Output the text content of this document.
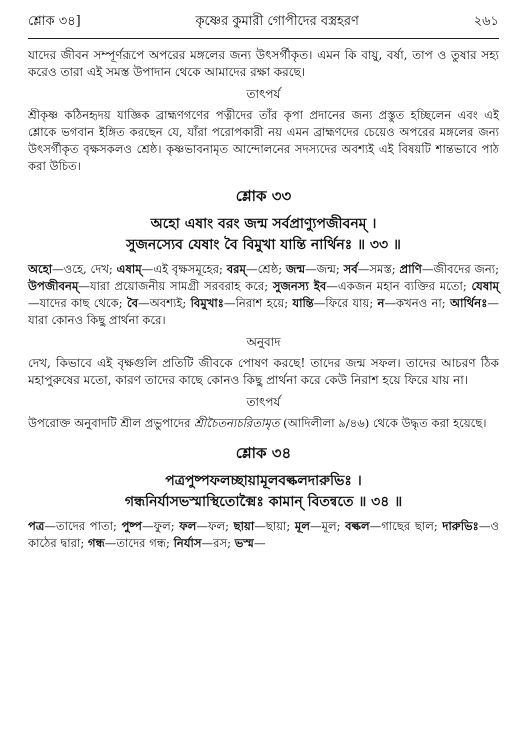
শ্লোক ৩৪]	কৃষ্ণের কুমারী গোপীদের বস্ত্রহরণ	২৬১

যাদের জীবন সম্পূর্ণরূপে অপরের মঙ্গলের জন্য উৎসর্গীকৃত। এমন কি বায়ু, বর্ষা, তাপ ও তুষার সহ্য করেও তারা এই সমস্ত উপাদান থেকে আমাদের রক্ষা করছে।

তাৎপর্য

শ্রীকৃষ্ণ কঠিনহৃদয় যাজ্ঞিক ব্রাহ্মণগণের পত্নীদের তাঁর কৃপা প্রদানের জন্য প্রস্তুত হচ্ছিলেন এবং এই শ্লোকে ভগবান ইঙ্গিত করছেন যে, যাঁরা পরোপকারী নয় এমন ব্রাহ্মণদের চেয়েও অপরের মঙ্গলের জন্য উৎসর্গীকৃত বৃক্ষসকলও শ্রেষ্ঠ। কৃষ্ণভাবনামৃত আন্দোলনের সদস্যদের অবশ্যই এই বিষয়টি শান্তভাবে পাঠ করা উচিত।

শ্লোক ৩৩

অহো এষাং বরং জন্ম সর্বপ্রাণ্যুপজীবনম্ ।

সুজনস্যেব যেষাং বৈ বিমুখা যান্তি নার্থিনঃ ॥ ৩৩ ॥

অহো—ওহে, দেখ; এষাম্—এই বৃক্ষসমূহের; বরম্—শ্রেষ্ঠ; জন্ম—জন্ম; সর্ব—সমস্ত; প্রাণি—জীবদের জন্য; উপজীবনম্—যারা প্রয়োজনীয় সামগ্রী সরবরাহ করে; সুজনস্য ইব—একজন মহান ব্যক্তির মতো; যেষাম্—যাদের কাছ থেকে; বৈ—অবশ্যই; বিমুখাঃ—নিরাশ হয়ে; যান্তি—ফিরে যায়; ন—কখনও না; আর্থিনঃ—যারা কোনও কিছু প্রার্থনা করে।

অনুবাদ

দেখ, কিভাবে এই বৃক্ষগুলি প্রতিটি জীবকে পোষণ করছে! তাদের জন্ম সফল। তাদের আচরণ ঠিক মহাপুরুষের মতো, কারণ তাদের কাছে কোনও কিছু প্রার্থনা করে কেউ নিরাশ হয়ে ফিরে যায় না।

তাৎপর্য

উপরোক্ত অনুবাদটি শ্রীল প্রভুপাদের শ্রীচৈতন্যচরিতামৃত (আদিলীলা ৯/৪৬) থেকে উদ্ধৃত করা হয়েছে।

শ্লোক ৩৪

পত্রপুষ্পফলচ্ছায়ামূলবল্কলদারুভিঃ ।

গন্ধনির্যাসভস্মাস্থিতোক্মৈঃ কামান্ বিতন্বতে ॥ ৩৪ ॥

পত্র—তাদের পাতা; পুষ্প—ফুল; ফল—ফল; ছায়া—ছায়া; মূল—মূল; বল্কল—গাছের ছাল; দারুভিঃ—ও কাঠের দ্বারা; গন্ধ—তাদের গন্ধ; নির্যাস—রস; ভস্ম—
